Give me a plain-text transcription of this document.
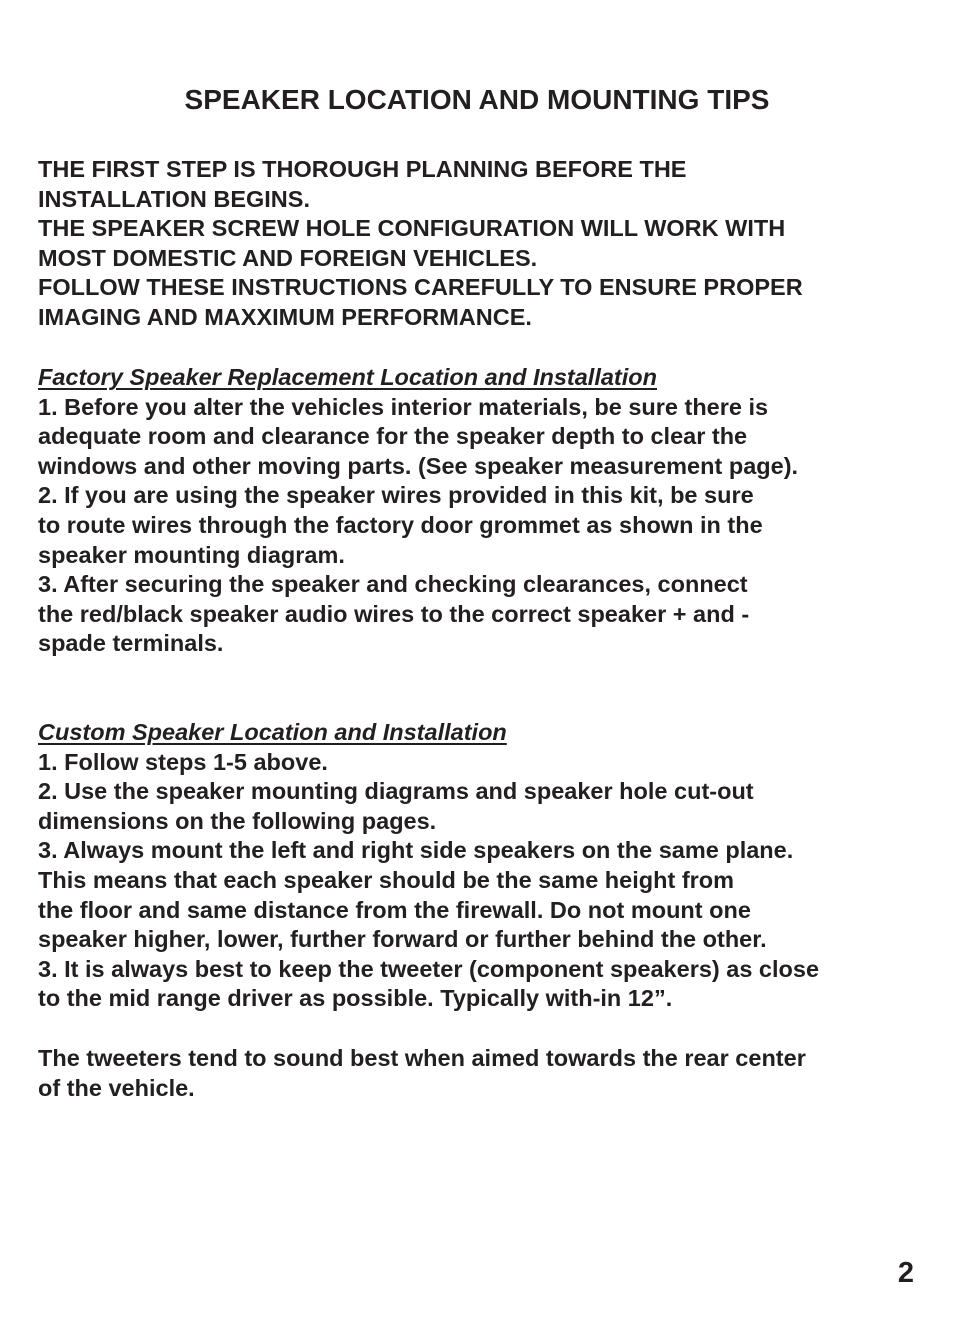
SPEAKER LOCATION AND MOUNTING TIPS
THE FIRST STEP IS THOROUGH PLANNING BEFORE THE
INSTALLATION BEGINS.
THE SPEAKER SCREW HOLE CONFIGURATION WILL WORK WITH
MOST DOMESTIC AND FOREIGN VEHICLES.
FOLLOW THESE INSTRUCTIONS CAREFULLY TO ENSURE PROPER
IMAGING AND MAXXIMUM PERFORMANCE.
Factory Speaker Replacement Location and Installation
1. Before you alter the vehicles interior materials, be sure there is
adequate room and clearance for the speaker depth to clear the
windows and other moving parts. (See speaker measurement page).
2. If you are using the speaker wires provided in this kit, be sure
to route wires through the factory door grommet as shown in the
speaker mounting diagram.
3. After securing the speaker and checking clearances, connect
the red/black speaker audio wires to the correct speaker + and -
spade terminals.
Custom Speaker Location and Installation
1. Follow steps 1-5 above.
2. Use the speaker mounting diagrams and speaker hole cut-out
dimensions on the following pages.
3. Always mount the left and right side speakers on the same plane.
This means that each speaker should be the same height from
the floor and same distance from the firewall. Do not mount one
speaker higher, lower, further forward or further behind the other.
3. It is always best to keep the tweeter (component speakers) as close
to the mid range driver as possible. Typically with-in 12”.
The tweeters tend to sound best when aimed towards the rear center
of the vehicle.
2
